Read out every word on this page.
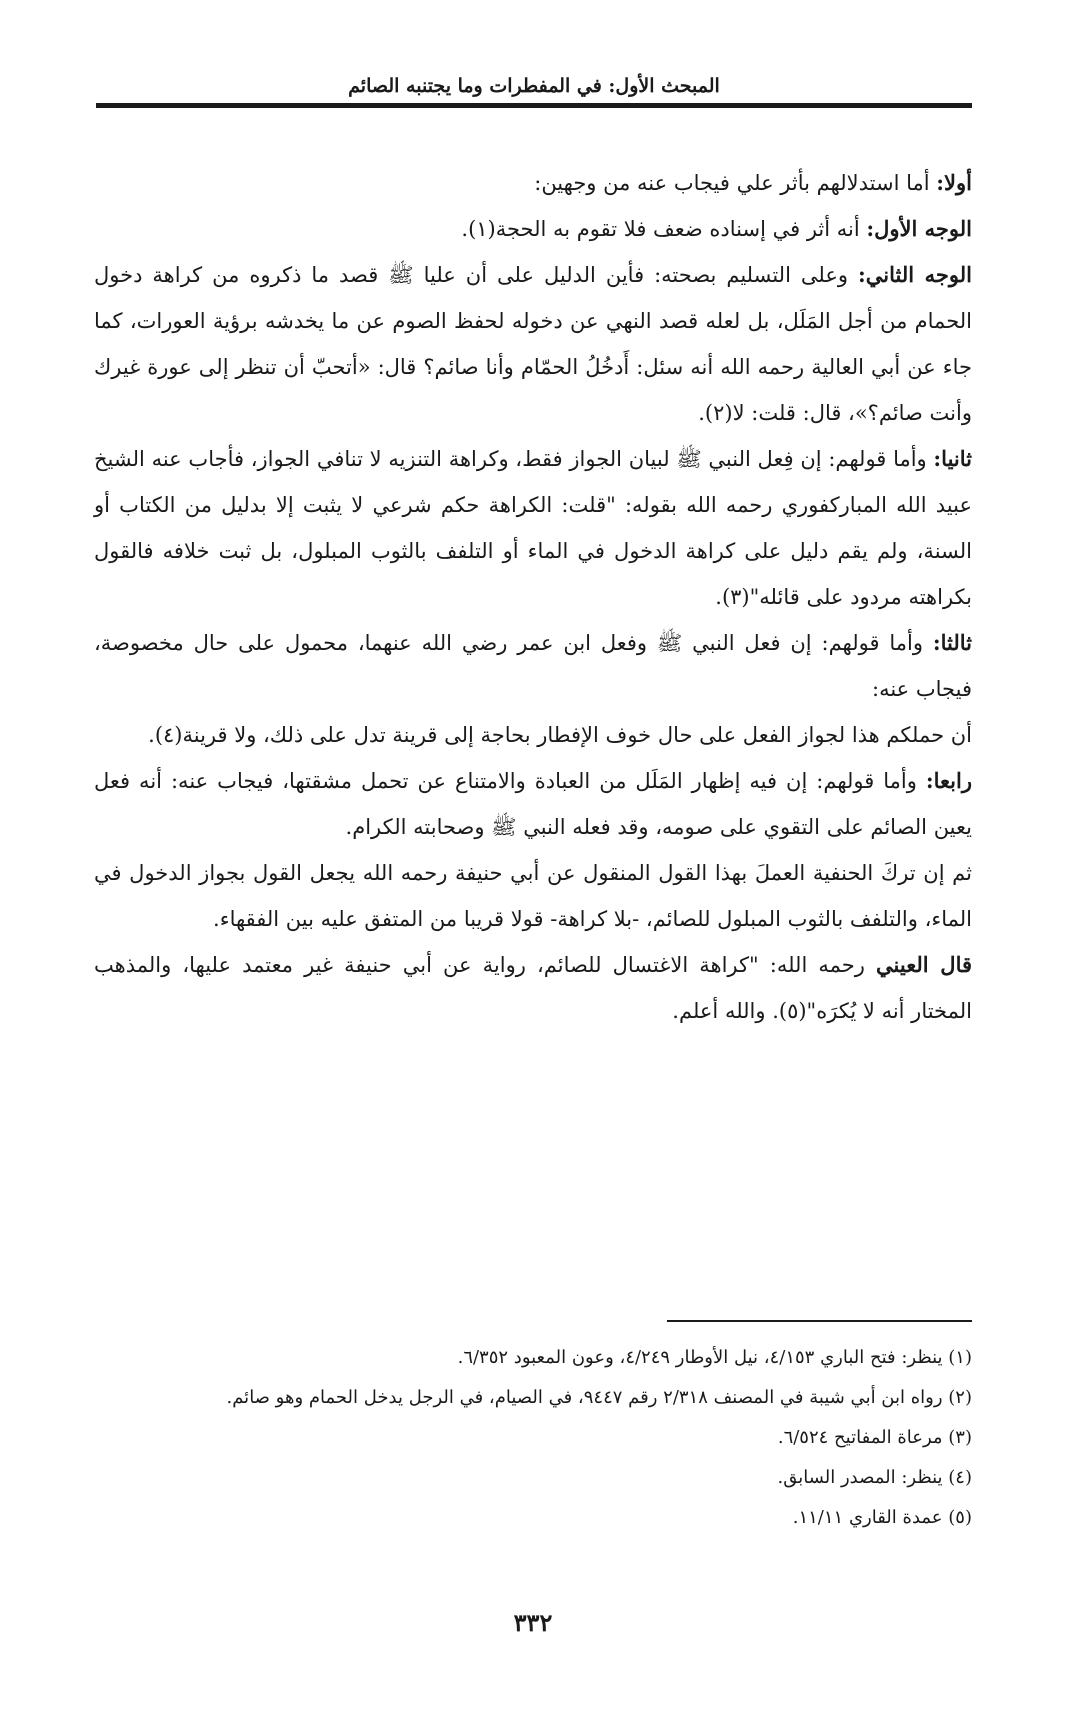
المبحث الأول: في المفطرات وما يجتنبه الصائم

أولا: أما استدلالهم بأثر علي فيجاب عنه من وجهين:

الوجه الأول: أنه أثر في إسناده ضعف فلا تقوم به الحجة(١).

الوجه الثاني: وعلى التسليم بصحته: فأين الدليل على أن عليا ﷺ قصد ما ذكروه من كراهة دخول الحمام من أجل المَلَل، بل لعله قصد النهي عن دخوله لحفظ الصوم عن ما يخدشه برؤية العورات، كما جاء عن أبي العالية رحمه الله أنه سئل: أَدخُلُ الحمّام وأنا صائم؟ قال: «أتحبّ أن تنظر إلى عورة غيرك وأنت صائم؟»، قال: قلت: لا(٢).

ثانيا: وأما قولهم: إن فِعل النبي ﷺ لبيان الجواز فقط، وكراهة التنزيه لا تنافي الجواز، فأجاب عنه الشيخ عبيد الله المباركفوري رحمه الله بقوله: "قلت: الكراهة حكم شرعي لا يثبت إلا بدليل من الكتاب أو السنة، ولم يقم دليل على كراهة الدخول في الماء أو التلفف بالثوب المبلول، بل ثبت خلافه فالقول بكراهته مردود على قائله"(٣).

ثالثا: وأما قولهم: إن فعل النبي ﷺ وفعل ابن عمر رضي الله عنهما، محمول على حال مخصوصة، فيجاب عنه:

أن حملكم هذا لجواز الفعل على حال خوف الإفطار بحاجة إلى قرينة تدل على ذلك، ولا قرينة(٤).

رابعا: وأما قولهم: إن فيه إظهار المَلَل من العبادة والامتناع عن تحمل مشقتها، فيجاب عنه: أنه فعل يعين الصائم على التقوي على صومه، وقد فعله النبي ﷺ وصحابته الكرام.

ثم إن تركَ الحنفية العملَ بهذا القول المنقول عن أبي حنيفة رحمه الله يجعل القول بجواز الدخول في الماء، والتلفف بالثوب المبلول للصائم، -بلا كراهة- قولا قريبا من المتفق عليه بين الفقهاء.

قال العيني رحمه الله: "كراهة الاغتسال للصائم، رواية عن أبي حنيفة غير معتمد عليها، والمذهب المختار أنه لا يُكرَه"(٥). والله أعلم.

(١) ينظر: فتح الباري ٤/١٥٣، نيل الأوطار ٤/٢٤٩، وعون المعبود ٦/٣٥٢.

(٢) رواه ابن أبي شيبة في المصنف ٢/٣١٨ رقم ٩٤٤٧، في الصيام، في الرجل يدخل الحمام وهو صائم.

(٣) مرعاة المفاتيح ٦/٥٢٤.

(٤) ينظر: المصدر السابق.

(٥) عمدة القاري ١١/١١.

٣٣٢
